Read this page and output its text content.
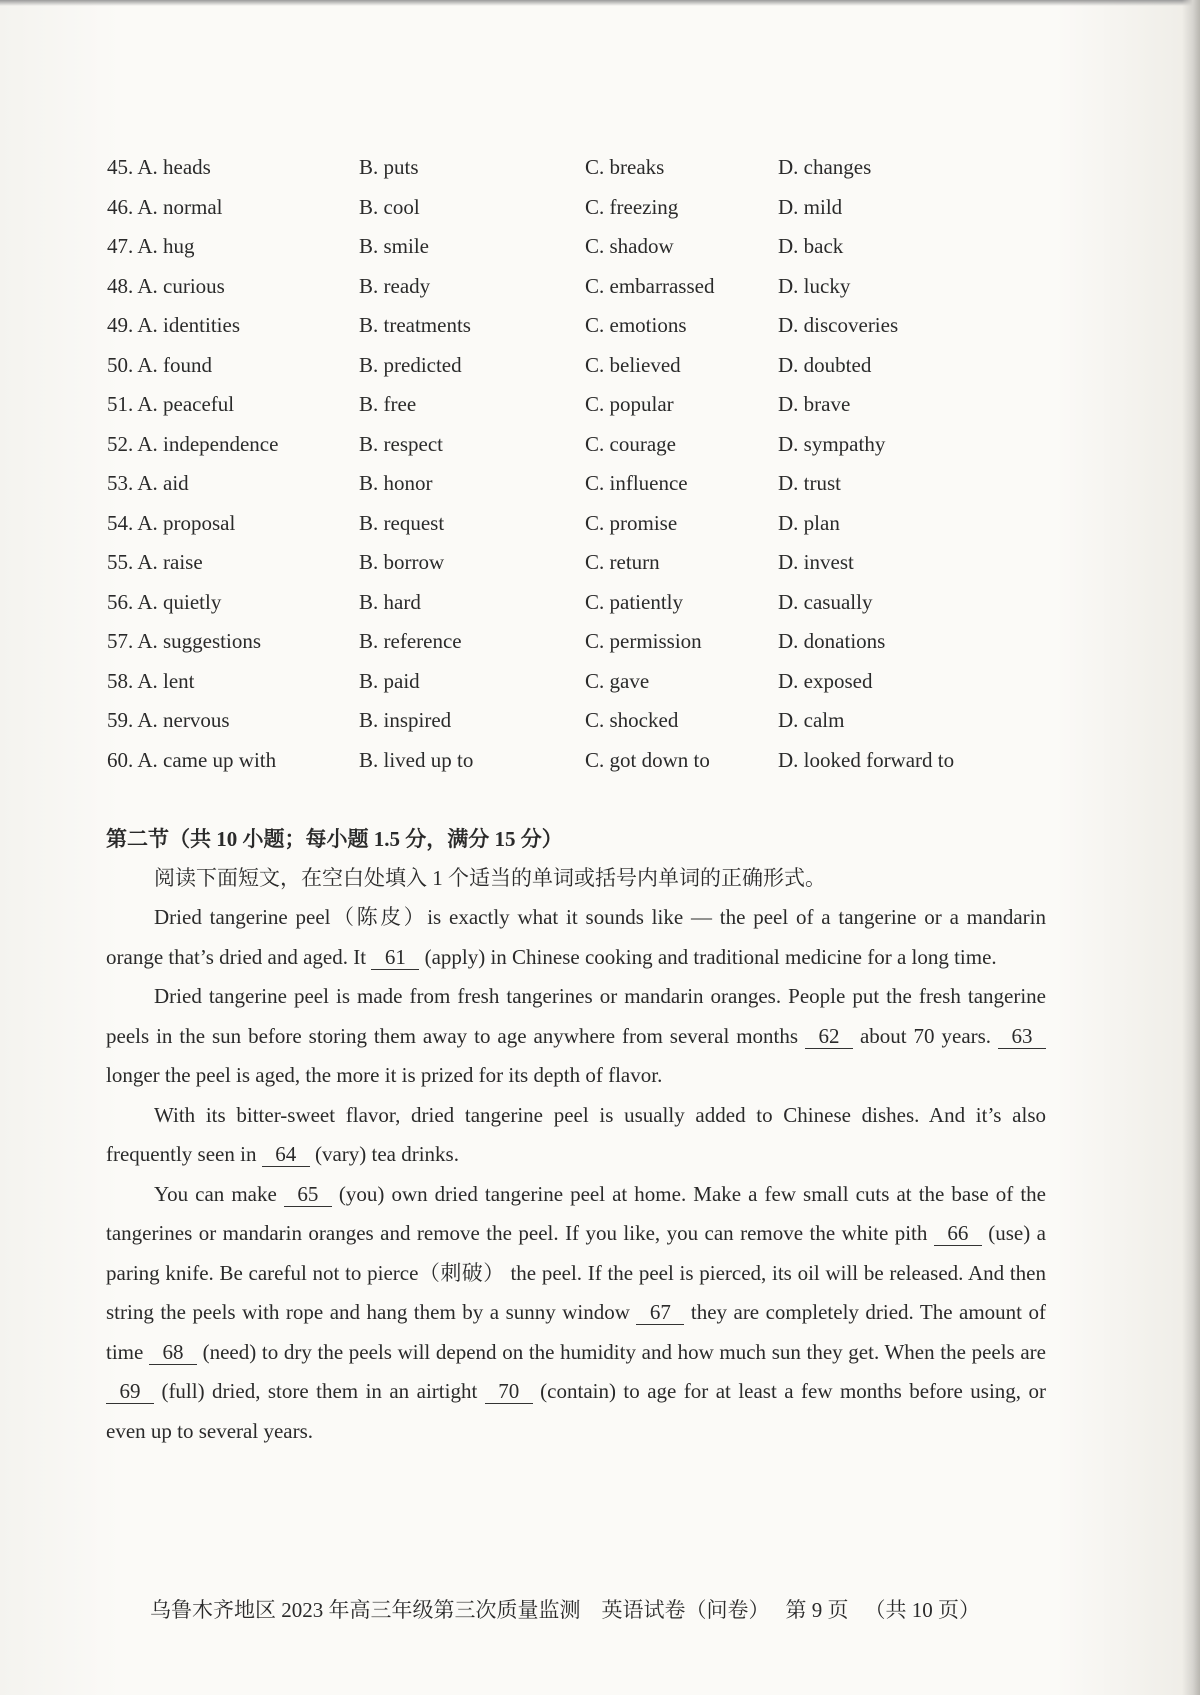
45. A. heads	B. puts	C. breaks	D. changes
46. A. normal	B. cool	C. freezing	D. mild
47. A. hug	B. smile	C. shadow	D. back
48. A. curious	B. ready	C. embarrassed	D. lucky
49. A. identities	B. treatments	C. emotions	D. discoveries
50. A. found	B. predicted	C. believed	D. doubted
51. A. peaceful	B. free	C. popular	D. brave
52. A. independence	B. respect	C. courage	D. sympathy
53. A. aid	B. honor	C. influence	D. trust
54. A. proposal	B. request	C. promise	D. plan
55. A. raise	B. borrow	C. return	D. invest
56. A. quietly	B. hard	C. patiently	D. casually
57. A. suggestions	B. reference	C. permission	D. donations
58. A. lent	B. paid	C. gave	D. exposed
59. A. nervous	B. inspired	C. shocked	D. calm
60. A. came up with	B. lived up to	C. got down to	D. looked forward to
第二节（共 10 小题；每小题 1.5 分，满分 15 分）
阅读下面短文，在空白处填入 1 个适当的单词或括号内单词的正确形式。

Dried tangerine peel（陈皮）is exactly what it sounds like — the peel of a tangerine or a mandarin orange that’s dried and aged. It 61 (apply) in Chinese cooking and traditional medicine for a long time.

Dried tangerine peel is made from fresh tangerines or mandarin oranges. People put the fresh tangerine peels in the sun before storing them away to age anywhere from several months 62 about 70 years. 63 longer the peel is aged, the more it is prized for its depth of flavor.

With its bitter-sweet flavor, dried tangerine peel is usually added to Chinese dishes. And it’s also frequently seen in 64 (vary) tea drinks.

You can make 65 (you) own dried tangerine peel at home. Make a few small cuts at the base of the tangerines or mandarin oranges and remove the peel. If you like, you can remove the white pith 66 (use) a paring knife. Be careful not to pierce（刺破） the peel. If the peel is pierced, its oil will be released. And then string the peels with rope and hang them by a sunny window 67 they are completely dried. The amount of time 68 (need) to dry the peels will depend on the humidity and how much sun they get. When the peels are 69 (full) dried, store them in an airtight 70 (contain) to age for at least a few months before using, or even up to several years.

乌鲁木齐地区 2023 年高三年级第三次质量监测　英语试卷（问卷） 第 9 页 （共 10 页）
